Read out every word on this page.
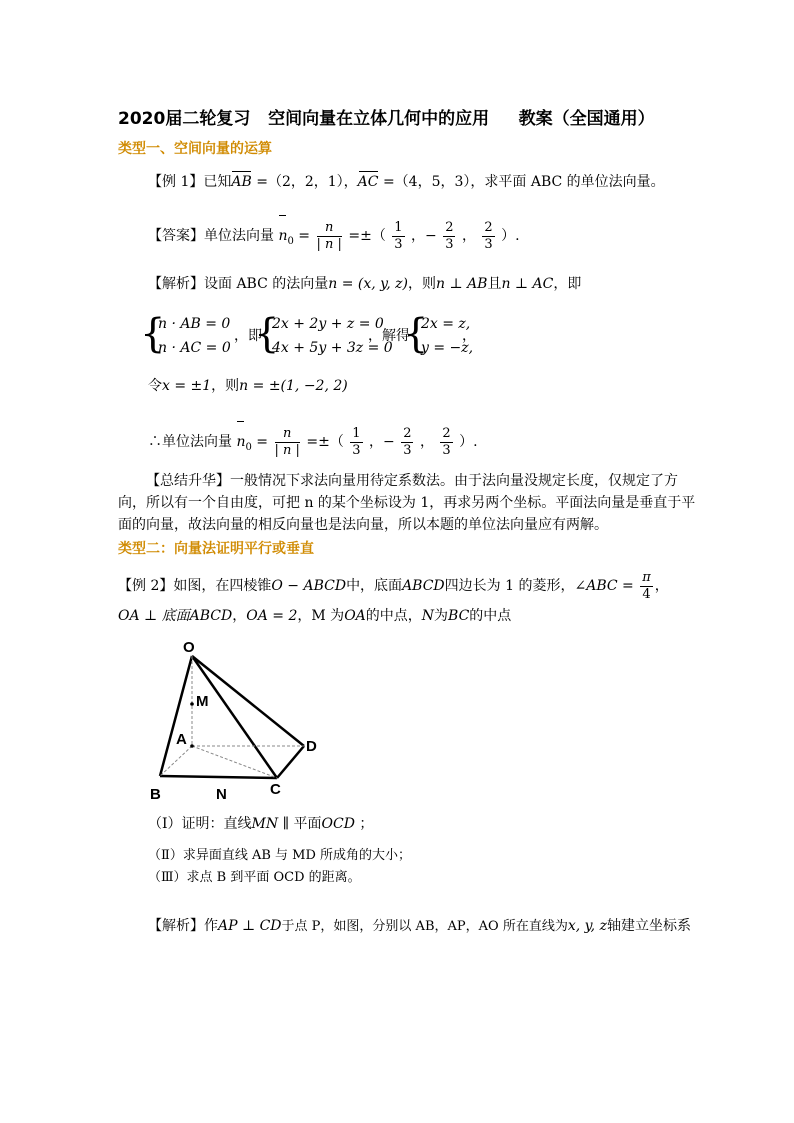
2020届二轮复习   空间向量在立体几何中的应用     教案（全国通用）
类型一、空间向量的运算
【例 1】已知AB =（2，2，1），AC =（4，5，3），求平面 ABC 的单位法向量。
【答案】单位法向量 $n_0 = \frac{n}{| n |}$ =±（ $\frac{1}{3}$ ，− $\frac{2}{3}$ ， $\frac{2}{3}$ ）.
【解析】设面 ABC 的法向量n = (x, y, z)，则n ⊥ AB且n ⊥ AC，即
{
n · AB = 0
n · AC = 0
，即
{
2x + 2y + z = 0
4x + 5y + 3z = 0
，解得
{
2x = z,
y = −z,
，
令x = ±1，则n = ±(1, −2, 2)
∴单位法向量 $n_0 = \frac{n}{| n |}$ =±（ $\frac{1}{3}$ ，− $\frac{2}{3}$ ， $\frac{2}{3}$ ）.
【总结升华】一般情况下求法向量用待定系数法。由于法向量没规定长度，仅规定了方向，所以有一个自由度，可把 n 的某个坐标设为 1，再求另两个坐标。平面法向量是垂直于平面的向量，故法向量的相反向量也是法向量，所以本题的单位法向量应有两解。
类型二：向量法证明平行或垂直
【例 2】如图，在四棱锥O − ABCD中，底面ABCD四边长为 1 的菱形，∠ABC = $\frac{\pi}{4}$ ，
OA ⊥ 底面ABCD，OA = 2，M 为OA的中点，N为BC的中点
O
M
A	D
B	N	C
（Ⅰ）证明：直线MN ∥ 平面OCD ；
（Ⅱ）求异面直线 AB 与 MD 所成角的大小；
（Ⅲ）求点 B 到平面 OCD 的距离。
【解析】作AP ⊥ CD于点 P，如图，分别以 AB，AP，AO 所在直线为x, y, z轴建立坐标系
